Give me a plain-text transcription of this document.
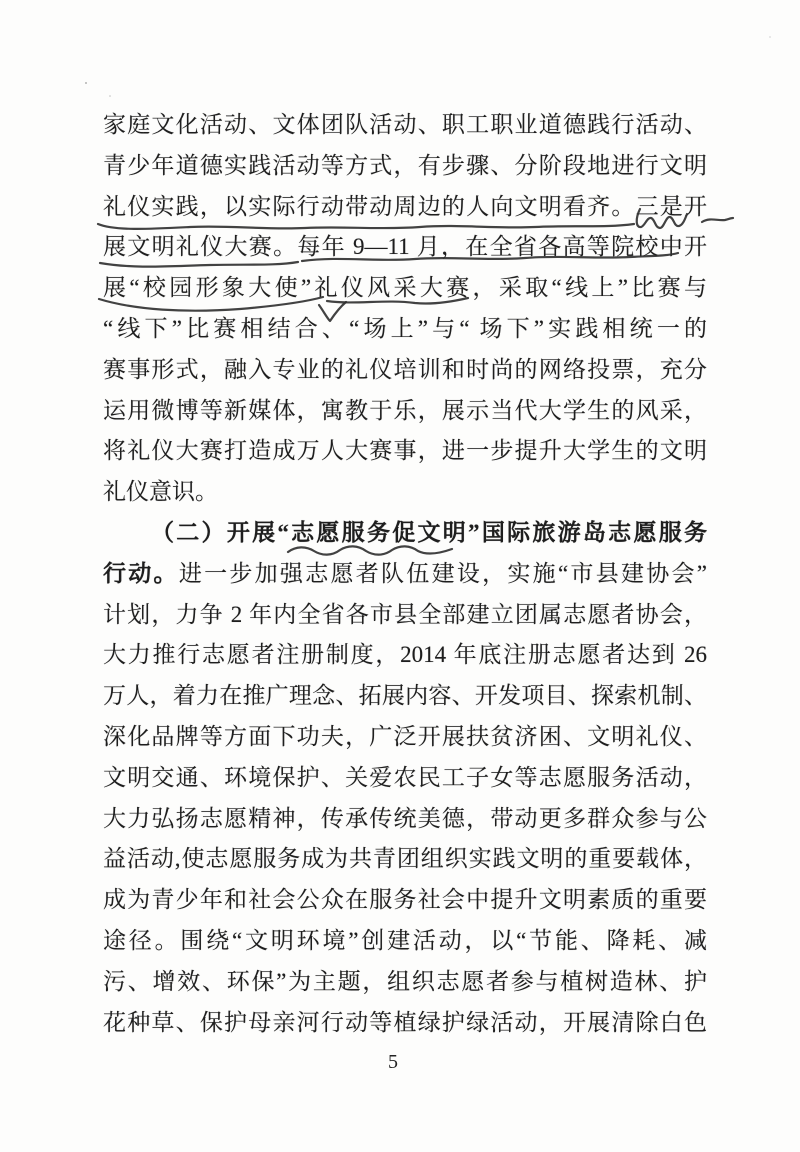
家庭文化活动、文体团队活动、职工职业道德践行活动、
青少年道德实践活动等方式，有步骤、分阶段地进行文明
礼仪实践，以实际行动带动周边的人向文明看齐。三是开
展文明礼仪大赛。每年 9—11 月，在全省各高等院校中开
展“校园形象大使”礼仪风采大赛，采取“线上”比赛与
“线下”比赛相结合、“场上”与“ 场下”实践相统一的
赛事形式，融入专业的礼仪培训和时尚的网络投票，充分
运用微博等新媒体，寓教于乐，展示当代大学生的风采，
将礼仪大赛打造成万人大赛事，进一步提升大学生的文明
礼仪意识。
（二）开展“志愿服务促文明”国际旅游岛志愿服务
行动。进一步加强志愿者队伍建设，实施“市县建协会”
计划，力争 2 年内全省各市县全部建立团属志愿者协会，
大力推行志愿者注册制度，2014 年底注册志愿者达到 26
万人，着力在推广理念、拓展内容、开发项目、探索机制、
深化品牌等方面下功夫，广泛开展扶贫济困、文明礼仪、
文明交通、环境保护、关爱农民工子女等志愿服务活动，
大力弘扬志愿精神，传承传统美德，带动更多群众参与公
益活动,使志愿服务成为共青团组织实践文明的重要载体，
成为青少年和社会公众在服务社会中提升文明素质的重要
途径。围绕“文明环境”创建活动，以“节能、降耗、减
污、增效、环保”为主题，组织志愿者参与植树造林、护
花种草、保护母亲河行动等植绿护绿活动，开展清除白色
5
